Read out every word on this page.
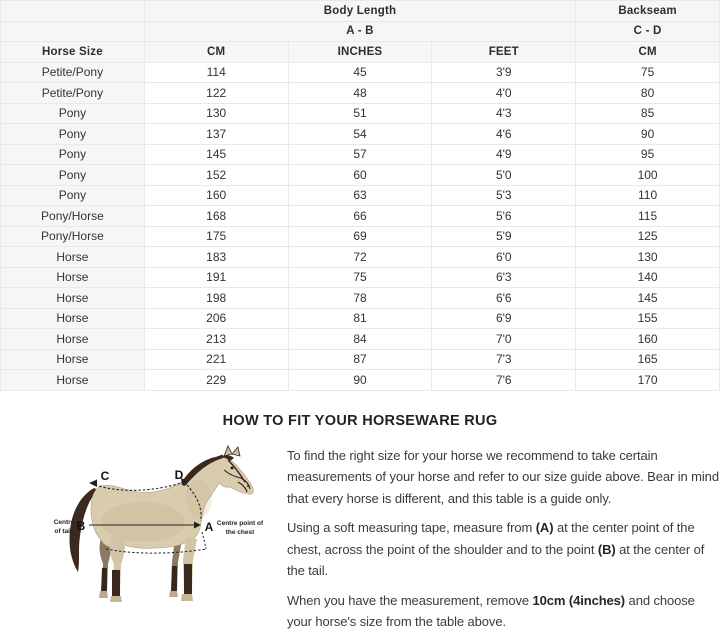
	Body Length			Backseam
	A - B			C - D
Horse Size	CM	INCHES	FEET	CM
Petite/Pony	114	45	3'9	75
Petite/Pony	122	48	4'0	80
Pony	130	51	4'3	85
Pony	137	54	4'6	90
Pony	145	57	4'9	95
Pony	152	60	5'0	100
Pony	160	63	5'3	110
Pony/Horse	168	66	5'6	115
Pony/Horse	175	69	5'9	125
Horse	183	72	6'0	130
Horse	191	75	6'3	140
Horse	198	78	6'6	145
Horse	206	81	6'9	155
Horse	213	84	7'0	160
Horse	221	87	7'3	165
Horse	229	90	7'6	170
HOW TO FIT YOUR HORSEWARE RUG
C	D
B	A
Centre
of tail.
Centre point of
the chest

To find the right size for your horse we recommend to take certain measurements of your horse and refer to our size guide above. Bear in mind that every horse is different, and this table is a guide only.

Using a soft measuring tape, measure from (A) at the center point of the chest, across the point of the shoulder and to the point (B) at the center of the tail.

When you have the measurement, remove 10cm (4inches) and choose your horse's size from the table above.
